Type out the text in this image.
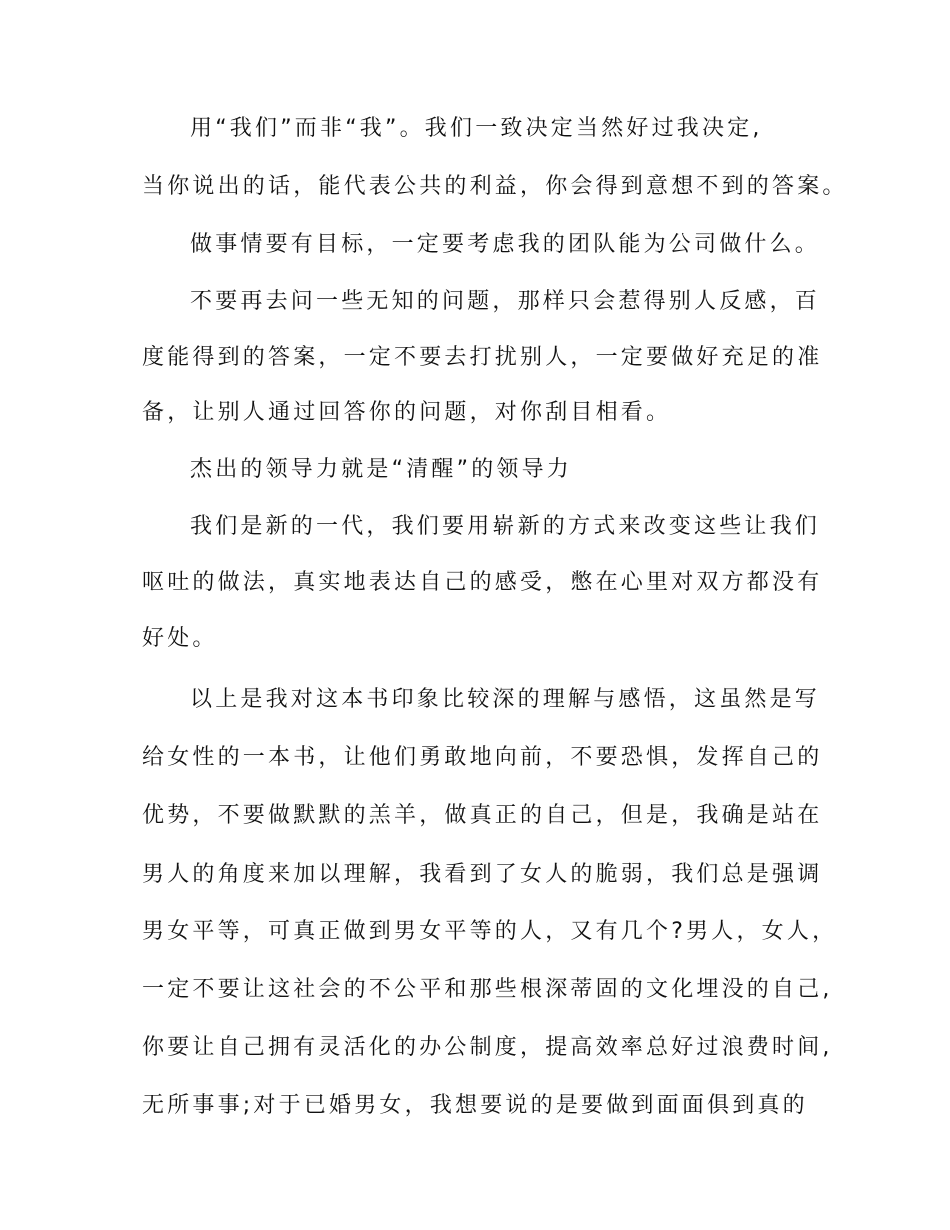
用“我们”而非“我”。我们一致决定当然好过我决定,
当你说出的话，能代表公共的利益，你会得到意想不到的答案。
做事情要有目标，一定要考虑我的团队能为公司做什么。
不要再去问一些无知的问题，那样只会惹得别人反感，百
度能得到的答案，一定不要去打扰别人，一定要做好充足的准
备，让别人通过回答你的问题，对你刮目相看。
杰出的领导力就是“清醒”的领导力
我们是新的一代，我们要用崭新的方式来改变这些让我们
呕吐的做法，真实地表达自己的感受，憋在心里对双方都没有
好处。
以上是我对这本书印象比较深的理解与感悟，这虽然是写
给女性的一本书，让他们勇敢地向前，不要恐惧，发挥自己的
优势，不要做默默的羔羊，做真正的自己，但是，我确是站在
男人的角度来加以理解，我看到了女人的脆弱，我们总是强调
男女平等，可真正做到男女平等的人，又有几个?男人，女人，
一定不要让这社会的不公平和那些根深蒂固的文化埋没的自己,
你要让自己拥有灵活化的办公制度，提高效率总好过浪费时间,
无所事事;对于已婚男女，我想要说的是要做到面面俱到真的
